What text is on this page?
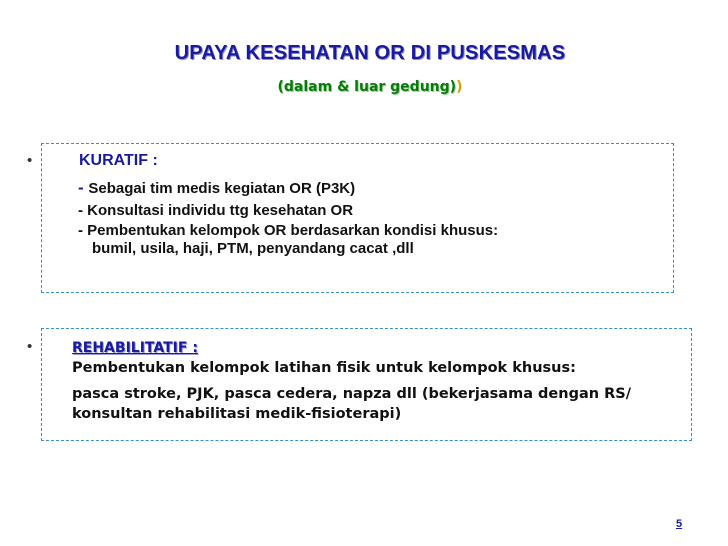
UPAYA KESEHATAN OR DI PUSKESMAS
(dalam & luar gedung))
•	KURATIF :
- Sebagai tim medis kegiatan OR (P3K)
- Konsultasi individu ttg kesehatan OR
- Pembentukan kelompok OR berdasarkan kondisi khusus:
bumil, usila, haji, PTM, penyandang cacat ,dll
•	REHABILITATIF :
Pembentukan kelompok latihan fisik untuk kelompok khusus:
pasca stroke, PJK, pasca cedera, napza dll (bekerjasama dengan RS/
konsultan rehabilitasi medik-fisioterapi)
5
